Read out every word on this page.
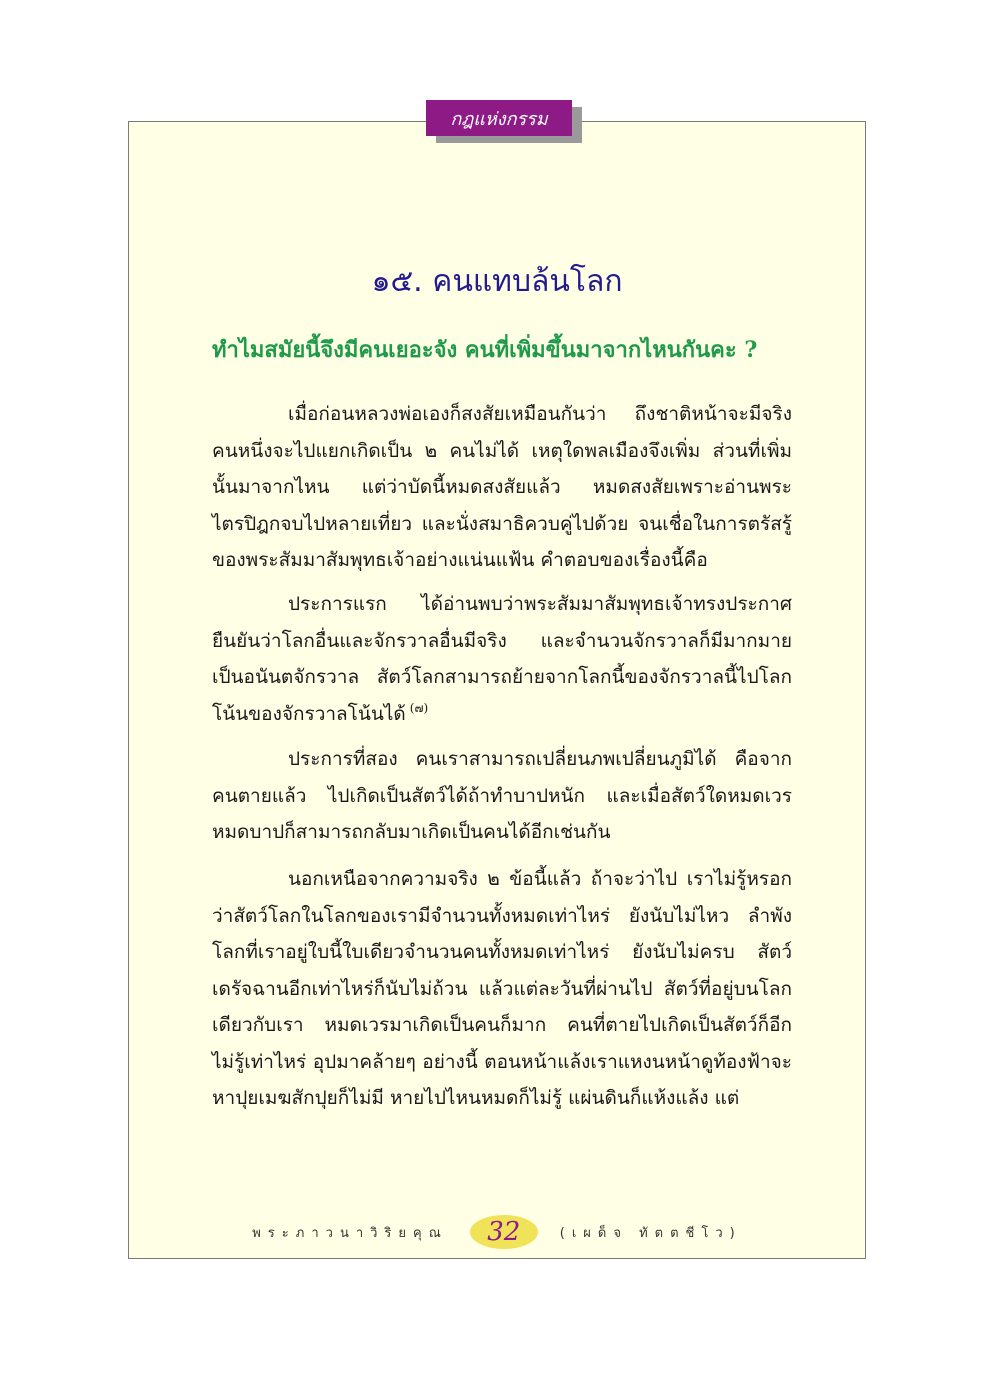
กฎแห่งกรรม
๑๕. คนแทบล้นโลก
ทำไมสมัยนี้จึงมีคนเยอะจัง คนที่เพิ่มขึ้นมาจากไหนกันคะ ?

เมื่อก่อนหลวงพ่อเองก็สงสัยเหมือนกันว่า ถึงชาติหน้าจะมีจริง คนหนึ่งจะไปแยกเกิดเป็น ๒ คนไม่ได้ เหตุใดพลเมืองจึงเพิ่ม ส่วนที่เพิ่มนั้นมาจากไหน แต่ว่าบัดนี้หมดสงสัยแล้ว หมดสงสัยเพราะอ่านพระไตรปิฎกจบไปหลายเที่ยว และนั่งสมาธิควบคู่ไปด้วย จนเชื่อในการตรัสรู้ของพระสัมมาสัมพุทธเจ้าอย่างแน่นแฟ้น คำตอบของเรื่องนี้คือ

ประการแรก ได้อ่านพบว่าพระสัมมาสัมพุทธเจ้าทรงประกาศยืนยันว่าโลกอื่นและจักรวาลอื่นมีจริง และจำนวนจักรวาลก็มีมากมายเป็นอนันตจักรวาล สัตว์โลกสามารถย้ายจากโลกนี้ของจักรวาลนี้ไปโลกโน้นของจักรวาลโน้นได้ $^{(๗)}$

ประการที่สอง คนเราสามารถเปลี่ยนภพเปลี่ยนภูมิได้ คือจากคนตายแล้ว ไปเกิดเป็นสัตว์ได้ถ้าทำบาปหนัก และเมื่อสัตว์ใดหมดเวรหมดบาปก็สามารถกลับมาเกิดเป็นคนได้อีกเช่นกัน

นอกเหนือจากความจริง ๒ ข้อนี้แล้ว ถ้าจะว่าไป เราไม่รู้หรอกว่าสัตว์โลกในโลกของเรามีจำนวนทั้งหมดเท่าไหร่ ยังนับไม่ไหว ลำพังโลกที่เราอยู่ใบนี้ใบเดียวจำนวนคนทั้งหมดเท่าไหร่ ยังนับไม่ครบ สัตว์เดรัจฉานอีกเท่าไหร่ก็นับไม่ถ้วน แล้วแต่ละวันที่ผ่านไป สัตว์ที่อยู่บนโลกเดียวกับเรา หมดเวรมาเกิดเป็นคนก็มาก คนที่ตายไปเกิดเป็นสัตว์ก็อีกไม่รู้เท่าไหร่ อุปมาคล้ายๆ อย่างนี้ ตอนหน้าแล้งเราแหงนหน้าดูท้องฟ้าจะหาปุยเมฆสักปุยก็ไม่มี หายไปไหนหมดก็ไม่รู้ แผ่นดินก็แห้งแล้ง แต่

พระภาวนาวิริยคุณ 32	(เผด็จ ทัตตชีโว)
